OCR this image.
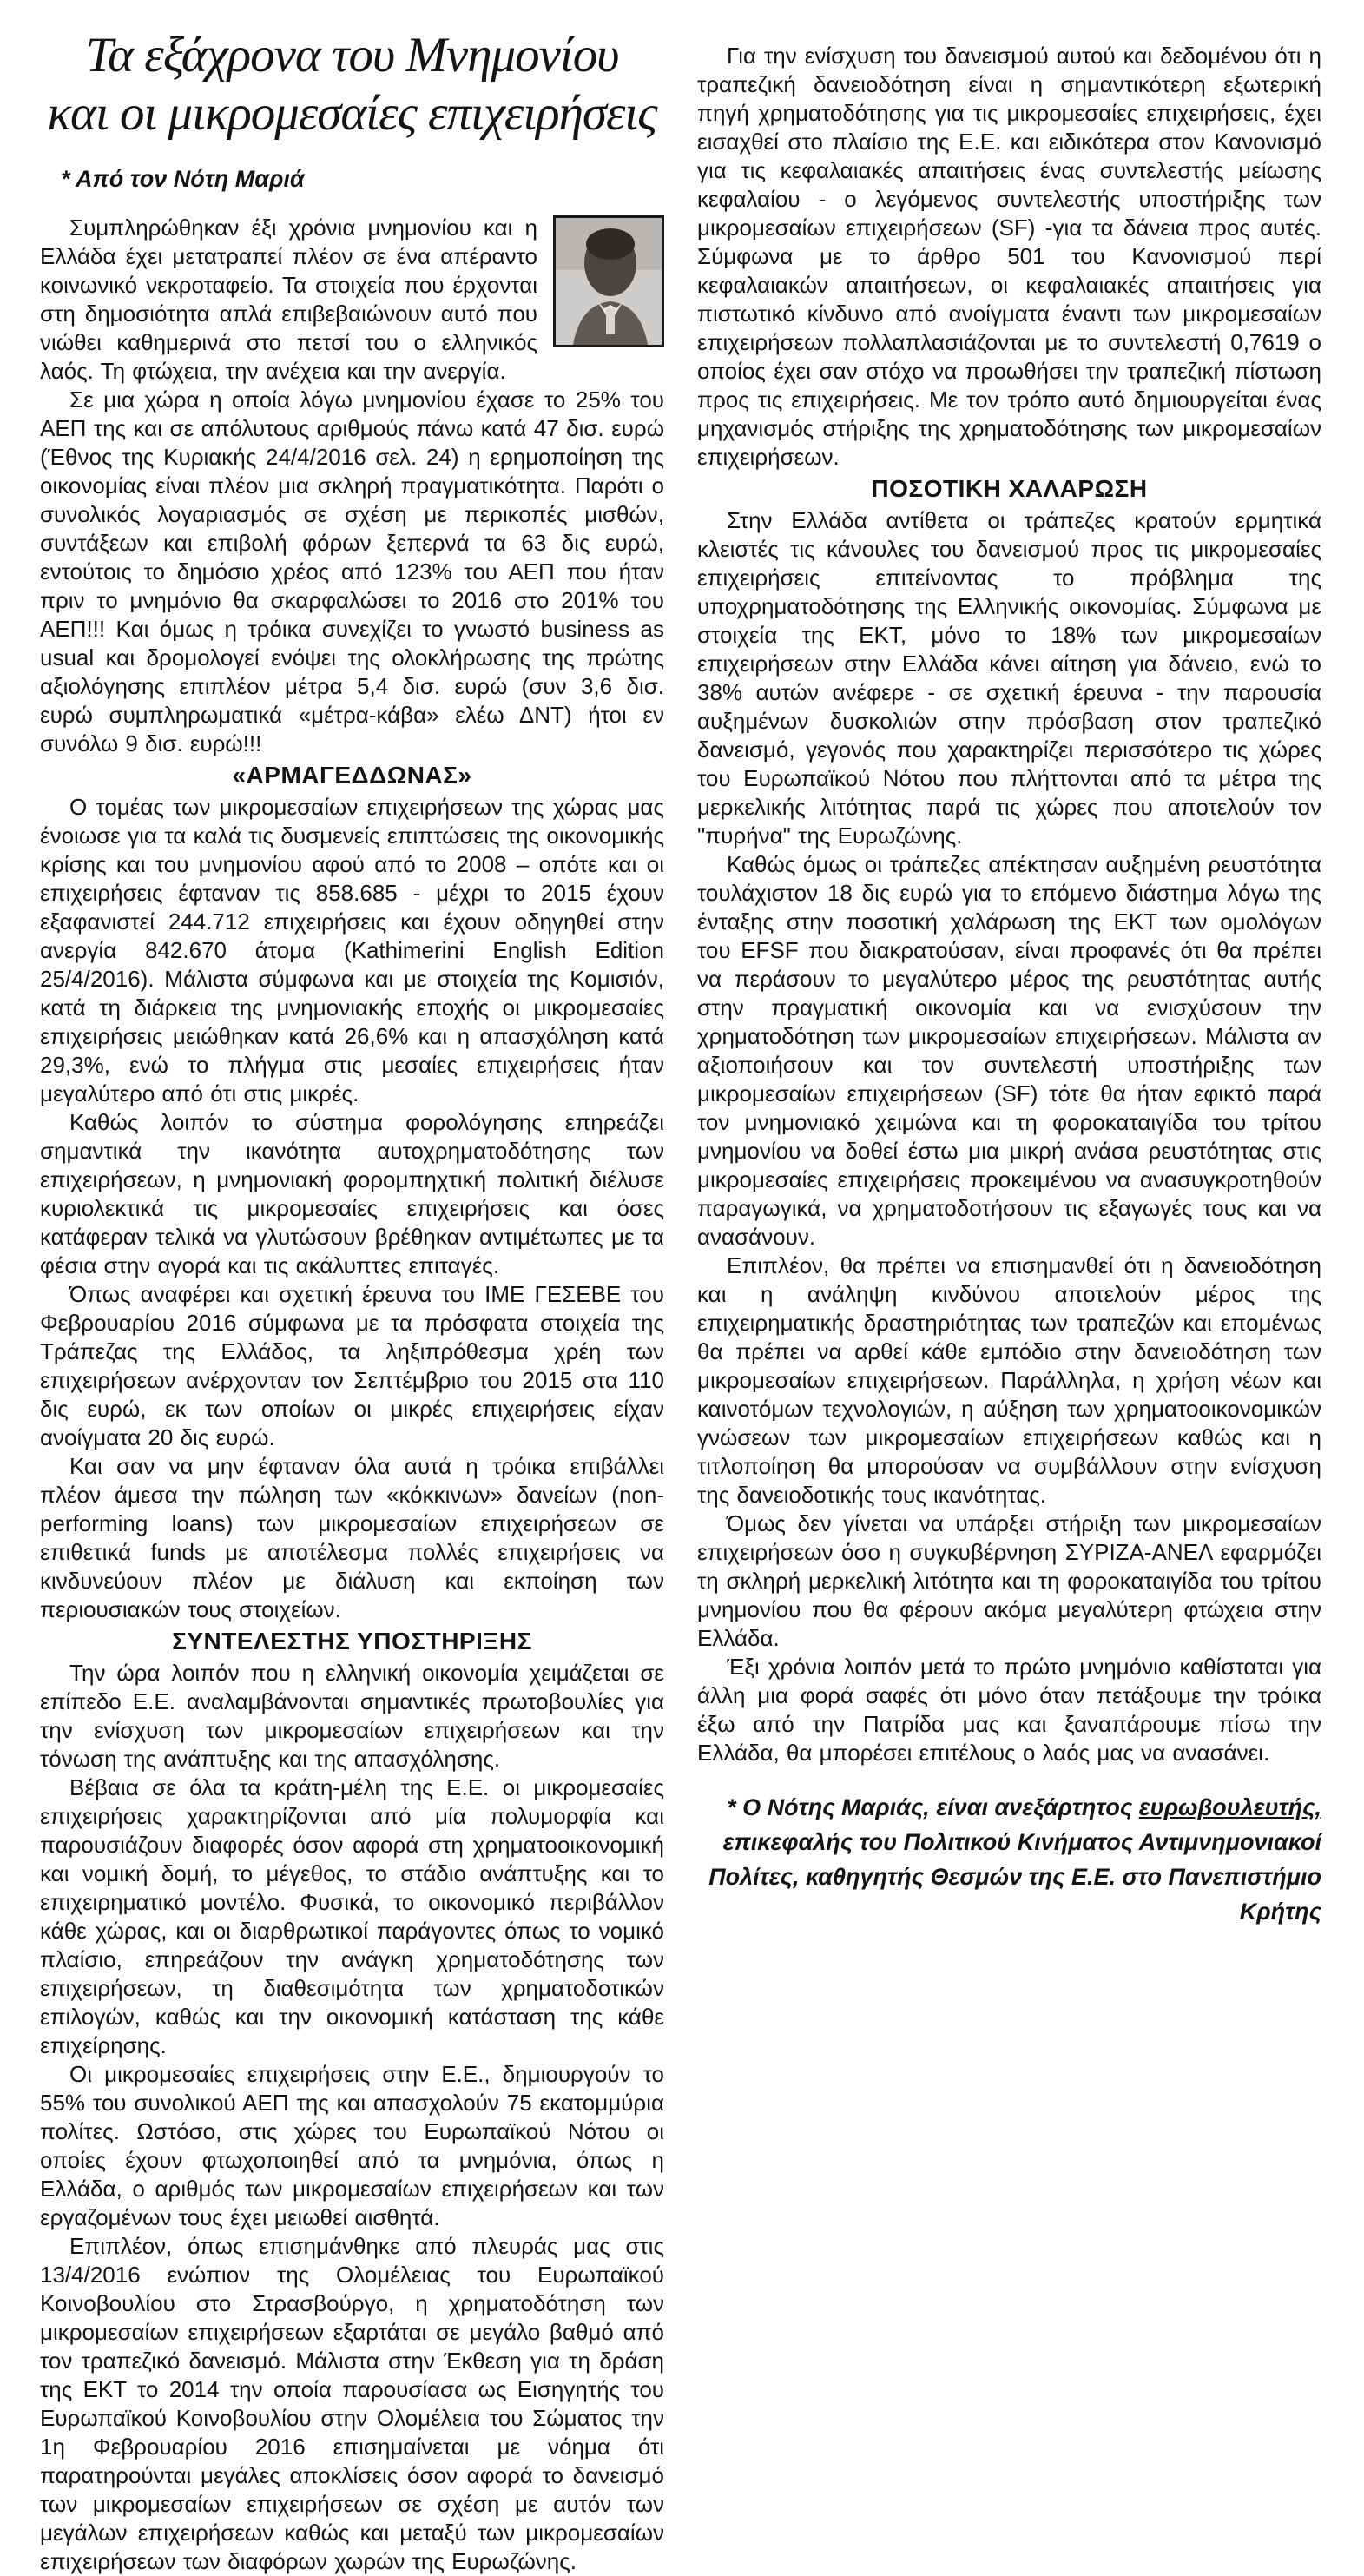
Τα εξάχρονα του Μνημονίου
και οι μικρομεσαίες επιχειρήσεις
* Από τον Νότη Μαριά

Συμπληρώθηκαν έξι χρόνια μνημονίου και η Ελλάδα έχει μετατραπεί πλέον σε ένα απέραντο κοινωνικό νεκροταφείο. Τα στοιχεία που έρχονται στη δημοσιότητα απλά επιβεβαιώνουν αυτό που νιώθει καθημερινά στο πετσί του ο ελληνικός λαός. Τη φτώχεια, την ανέχεια και την ανεργία.

Σε μια χώρα η οποία λόγω μνημονίου έχασε το 25% του ΑΕΠ της και σε απόλυτους αριθμούς πάνω κατά 47 δισ. ευρώ (Έθνος της Κυριακής 24/4/2016 σελ. 24) η ερημοποίηση της οικονομίας είναι πλέον μια σκληρή πραγματικότητα. Παρότι ο συνολικός λογαριασμός σε σχέση με περικοπές μισθών, συντάξεων και επιβολή φόρων ξεπερνά τα 63 δις ευρώ, εντούτοις το δημόσιο χρέος από 123% του ΑΕΠ που ήταν πριν το μνημόνιο θα σκαρφαλώσει το 2016 στο 201% του ΑΕΠ!!! Και όμως η τρόικα συνεχίζει το γνωστό business as usual και δρομολογεί ενόψει της ολοκλήρωσης της πρώτης αξιολόγησης επιπλέον μέτρα 5,4 δισ. ευρώ (συν 3,6 δισ. ευρώ συμπληρωματικά «μέτρα-κάβα» ελέω ΔΝΤ) ήτοι εν συνόλω 9 δισ. ευρώ!!!

«ΑΡΜΑΓΕΔΔΩΝΑΣ»

Ο τομέας των μικρομεσαίων επιχειρήσεων της χώρας μας ένοιωσε για τα καλά τις δυσμενείς επιπτώσεις της οικονομικής κρίσης και του μνημονίου αφού από το 2008 – οπότε και οι επιχειρήσεις έφταναν τις 858.685 - μέχρι το 2015 έχουν εξαφανιστεί 244.712 επιχειρήσεις και έχουν οδηγηθεί στην ανεργία 842.670 άτομα (Kathimerini English Edition 25/4/2016). Μάλιστα σύμφωνα και με στοιχεία της Κομισιόν, κατά τη διάρκεια της μνημονιακής εποχής οι μικρομεσαίες επιχειρήσεις μειώθηκαν κατά 26,6% και η απασχόληση κατά 29,3%, ενώ το πλήγμα στις μεσαίες επιχειρήσεις ήταν μεγαλύτερο από ότι στις μικρές.

Καθώς λοιπόν το σύστημα φορολόγησης επηρεάζει σημαντικά την ικανότητα αυτοχρηματοδότησης των επιχειρήσεων, η μνημονιακή φορομπηχτική πολιτική διέλυσε κυριολεκτικά τις μικρομεσαίες επιχειρήσεις και όσες κατάφεραν τελικά να γλυτώσουν βρέθηκαν αντιμέτωπες με τα φέσια στην αγορά και τις ακάλυπτες επιταγές.

Όπως αναφέρει και σχετική έρευνα του ΙΜΕ ΓΕΣΕΒΕ του Φεβρουαρίου 2016 σύμφωνα με τα πρόσφατα στοιχεία της Τράπεζας της Ελλάδος, τα ληξιπρόθεσμα χρέη των επιχειρήσεων ανέρχονταν τον Σεπτέμβριο του 2015 στα 110 δις ευρώ, εκ των οποίων οι μικρές επιχειρήσεις είχαν ανοίγματα 20 δις ευρώ.

Και σαν να μην έφταναν όλα αυτά η τρόικα επιβάλλει πλέον άμεσα την πώληση των «κόκκινων» δανείων (non-performing loans) των μικρομεσαίων επιχειρήσεων σε επιθετικά funds με αποτέλεσμα πολλές επιχειρήσεις να κινδυνεύουν πλέον με διάλυση και εκποίηση των περιουσιακών τους στοιχείων.

ΣΥΝΤΕΛΕΣΤΗΣ ΥΠΟΣΤΗΡΙΞΗΣ

Την ώρα λοιπόν που η ελληνική οικονομία χειμάζεται σε επίπεδο Ε.Ε. αναλαμβάνονται σημαντικές πρωτοβουλίες για την ενίσχυση των μικρομεσαίων επιχειρήσεων και την τόνωση της ανάπτυξης και της απασχόλησης.

Βέβαια σε όλα τα κράτη-μέλη της Ε.Ε. οι μικρομεσαίες επιχειρήσεις χαρακτηρίζονται από μία πολυμορφία και παρουσιάζουν διαφορές όσον αφορά στη χρηματοοικονομική και νομική δομή, το μέγεθος, το στάδιο ανάπτυξης και το επιχειρηματικό μοντέλο. Φυσικά, το οικονομικό περιβάλλον κάθε χώρας, και οι διαρθρωτικοί παράγοντες όπως το νομικό πλαίσιο, επηρεάζουν την ανάγκη χρηματοδότησης των επιχειρήσεων, τη διαθεσιμότητα των χρηματοδοτικών επιλογών, καθώς και την οικονομική κατάσταση της κάθε επιχείρησης.

Οι μικρομεσαίες επιχειρήσεις στην Ε.Ε., δημιουργούν το 55% του συνολικού ΑΕΠ της και απασχολούν 75 εκατομμύρια πολίτες. Ωστόσο, στις χώρες του Ευρωπαϊκού Νότου οι οποίες έχουν φτωχοποιηθεί από τα μνημόνια, όπως η Ελλάδα, ο αριθμός των μικρομεσαίων επιχειρήσεων και των εργαζομένων τους έχει μειωθεί αισθητά.

Επιπλέον, όπως επισημάνθηκε από πλευράς μας στις 13/4/2016 ενώπιον της Ολομέλειας του Ευρωπαϊκού Κοινοβουλίου στο Στρασβούργο, η χρηματοδότηση των μικρομεσαίων επιχειρήσεων εξαρτάται σε μεγάλο βαθμό από τον τραπεζικό δανεισμό. Μάλιστα στην Έκθεση για τη δράση της ΕΚΤ το 2014 την οποία παρουσίασα ως Εισηγητής του Ευρωπαϊκού Κοινοβουλίου στην Ολομέλεια του Σώματος την 1η Φεβρουαρίου 2016 επισημαίνεται με νόημα ότι παρατηρούνται μεγάλες αποκλίσεις όσον αφορά το δανεισμό των μικρομεσαίων επιχειρήσεων σε σχέση με αυτόν των μεγάλων επιχειρήσεων καθώς και μεταξύ των μικρομεσαίων επιχειρήσεων των διαφόρων χωρών της Ευρωζώνης.

Για την ενίσχυση του δανεισμού αυτού και δεδομένου ότι η τραπεζική δανειοδότηση είναι η σημαντικότερη εξωτερική πηγή χρηματοδότησης για τις μικρομεσαίες επιχειρήσεις, έχει εισαχθεί στο πλαίσιο της Ε.Ε. και ειδικότερα στον Κανονισμό για τις κεφαλαιακές απαιτήσεις ένας συντελεστής μείωσης κεφαλαίου - ο λεγόμενος συντελεστής υποστήριξης των μικρομεσαίων επιχειρήσεων (SF) -για τα δάνεια προς αυτές. Σύμφωνα με το άρθρο 501 του Κανονισμού περί κεφαλαιακών απαιτήσεων, οι κεφαλαιακές απαιτήσεις για πιστωτικό κίνδυνο από ανοίγματα έναντι των μικρομεσαίων επιχειρήσεων πολλαπλασιάζονται με το συντελεστή 0,7619 ο οποίος έχει σαν στόχο να προωθήσει την τραπεζική πίστωση προς τις επιχειρήσεις. Με τον τρόπο αυτό δημιουργείται ένας μηχανισμός στήριξης της χρηματοδότησης των μικρομεσαίων επιχειρήσεων.

ΠΟΣΟΤΙΚΗ ΧΑΛΑΡΩΣΗ

Στην Ελλάδα αντίθετα οι τράπεζες κρατούν ερμητικά κλειστές τις κάνουλες του δανεισμού προς τις μικρομεσαίες επιχειρήσεις επιτείνοντας το πρόβλημα της υποχρηματοδότησης της Ελληνικής οικονομίας. Σύμφωνα με στοιχεία της ΕΚΤ, μόνο το 18% των μικρομεσαίων επιχειρήσεων στην Ελλάδα κάνει αίτηση για δάνειο, ενώ το 38% αυτών ανέφερε - σε σχετική έρευνα - την παρουσία αυξημένων δυσκολιών στην πρόσβαση στον τραπεζικό δανεισμό, γεγονός που χαρακτηρίζει περισσότερο τις χώρες του Ευρωπαϊκού Νότου που πλήττονται από τα μέτρα της μερκελικής λιτότητας παρά τις χώρες που αποτελούν τον "πυρήνα" της Ευρωζώνης.

Καθώς όμως οι τράπεζες απέκτησαν αυξημένη ρευστότητα τουλάχιστον 18 δις ευρώ για το επόμενο διάστημα λόγω της ένταξης στην ποσοτική χαλάρωση της ΕΚΤ των ομολόγων του EFSF που διακρατούσαν, είναι προφανές ότι θα πρέπει να περάσουν το μεγαλύτερο μέρος της ρευστότητας αυτής στην πραγματική οικονομία και να ενισχύσουν την χρηματοδότηση των μικρομεσαίων επιχειρήσεων. Μάλιστα αν αξιοποιήσουν και τον συντελεστή υποστήριξης των μικρομεσαίων επιχειρήσεων (SF) τότε θα ήταν εφικτό παρά τον μνημονιακό χειμώνα και τη φοροκαταιγίδα του τρίτου μνημονίου να δοθεί έστω μια μικρή ανάσα ρευστότητας στις μικρομεσαίες επιχειρήσεις προκειμένου να ανασυγκροτηθούν παραγωγικά, να χρηματοδοτήσουν τις εξαγωγές τους και να ανασάνουν.

Επιπλέον, θα πρέπει να επισημανθεί ότι η δανειοδότηση και η ανάληψη κινδύνου αποτελούν μέρος της επιχειρηματικής δραστηριότητας των τραπεζών και επομένως θα πρέπει να αρθεί κάθε εμπόδιο στην δανειοδότηση των μικρομεσαίων επιχειρήσεων. Παράλληλα, η χρήση νέων και καινοτόμων τεχνολογιών, η αύξηση των χρηματοοικονομικών γνώσεων των μικρομεσαίων επιχειρήσεων καθώς και η τιτλοποίηση θα μπορούσαν να συμβάλλουν στην ενίσχυση της δανειοδοτικής τους ικανότητας.

Όμως δεν γίνεται να υπάρξει στήριξη των μικρομεσαίων επιχειρήσεων όσο η συγκυβέρνηση ΣΥΡΙΖΑ-ΑΝΕΛ εφαρμόζει τη σκληρή μερκελική λιτότητα και τη φοροκαταιγίδα του τρίτου μνημονίου που θα φέρουν ακόμα μεγαλύτερη φτώχεια στην Ελλάδα.

Έξι χρόνια λοιπόν μετά το πρώτο μνημόνιο καθίσταται για άλλη μια φορά σαφές ότι μόνο όταν πετάξουμε την τρόικα έξω από την Πατρίδα μας και ξαναπάρουμε πίσω την Ελλάδα, θα μπορέσει επιτέλους ο λαός μας να ανασάνει.

* Ο Νότης Μαριάς, είναι ανεξάρτητος ευρωβουλευτής,
επικεφαλής του Πολιτικού Κινήματος Αντιμνημονιακοί
Πολίτες, καθηγητής Θεσμών της Ε.Ε. στο Πανεπιστήμιο Κρήτης
